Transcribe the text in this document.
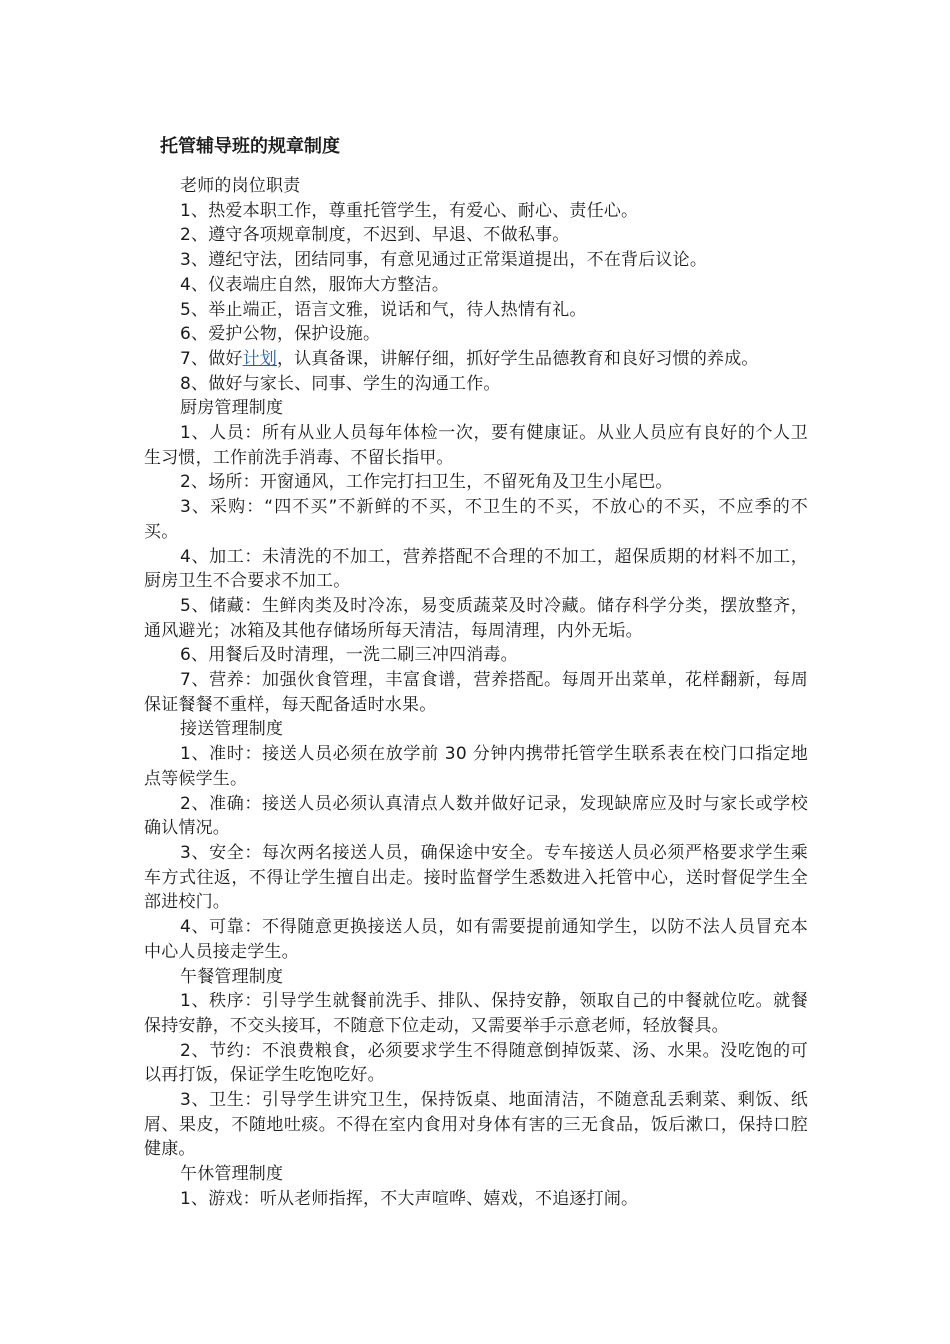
托管辅导班的规章制度

老师的岗位职责

1、热爱本职工作，尊重托管学生，有爱心、耐心、责任心。

2、遵守各项规章制度，不迟到、早退、不做私事。

3、遵纪守法，团结同事，有意见通过正常渠道提出，不在背后议论。

4、仪表端庄自然，服饰大方整洁。

5、举止端正，语言文雅，说话和气，待人热情有礼。

6、爱护公物，保护设施。

7、做好计划，认真备课，讲解仔细，抓好学生品德教育和良好习惯的养成。

8、做好与家长、同事、学生的沟通工作。

厨房管理制度

1、人员：所有从业人员每年体检一次，要有健康证。从业人员应有良好的个人卫生习惯，工作前洗手消毒、不留长指甲。

2、场所：开窗通风，工作完打扫卫生，不留死角及卫生小尾巴。

3、采购：“四不买”不新鲜的不买，不卫生的不买，不放心的不买，不应季的不买。

4、加工：未清洗的不加工，营养搭配不合理的不加工，超保质期的材料不加工，厨房卫生不合要求不加工。

5、储藏：生鲜肉类及时冷冻，易变质蔬菜及时冷藏。储存科学分类，摆放整齐，通风避光；冰箱及其他存储场所每天清洁，每周清理，内外无垢。

6、用餐后及时清理，一洗二刷三冲四消毒。

7、营养：加强伙食管理，丰富食谱，营养搭配。每周开出菜单，花样翻新，每周保证餐餐不重样，每天配备适时水果。

接送管理制度

1、准时：接送人员必须在放学前 30 分钟内携带托管学生联系表在校门口指定地点等候学生。

2、准确：接送人员必须认真清点人数并做好记录，发现缺席应及时与家长或学校确认情况。

3、安全：每次两名接送人员，确保途中安全。专车接送人员必须严格要求学生乘车方式往返，不得让学生擅自出走。接时监督学生悉数进入托管中心，送时督促学生全部进校门。

4、可靠：不得随意更换接送人员，如有需要提前通知学生，以防不法人员冒充本中心人员接走学生。

午餐管理制度

1、秩序：引导学生就餐前洗手、排队、保持安静，领取自己的中餐就位吃。就餐保持安静，不交头接耳，不随意下位走动，又需要举手示意老师，轻放餐具。

2、节约：不浪费粮食，必须要求学生不得随意倒掉饭菜、汤、水果。没吃饱的可以再打饭，保证学生吃饱吃好。

3、卫生：引导学生讲究卫生，保持饭桌、地面清洁，不随意乱丢剩菜、剩饭、纸屑、果皮，不随地吐痰。不得在室内食用对身体有害的三无食品，饭后漱口，保持口腔健康。

午休管理制度

1、游戏：听从老师指挥，不大声喧哗、嬉戏，不追逐打闹。
